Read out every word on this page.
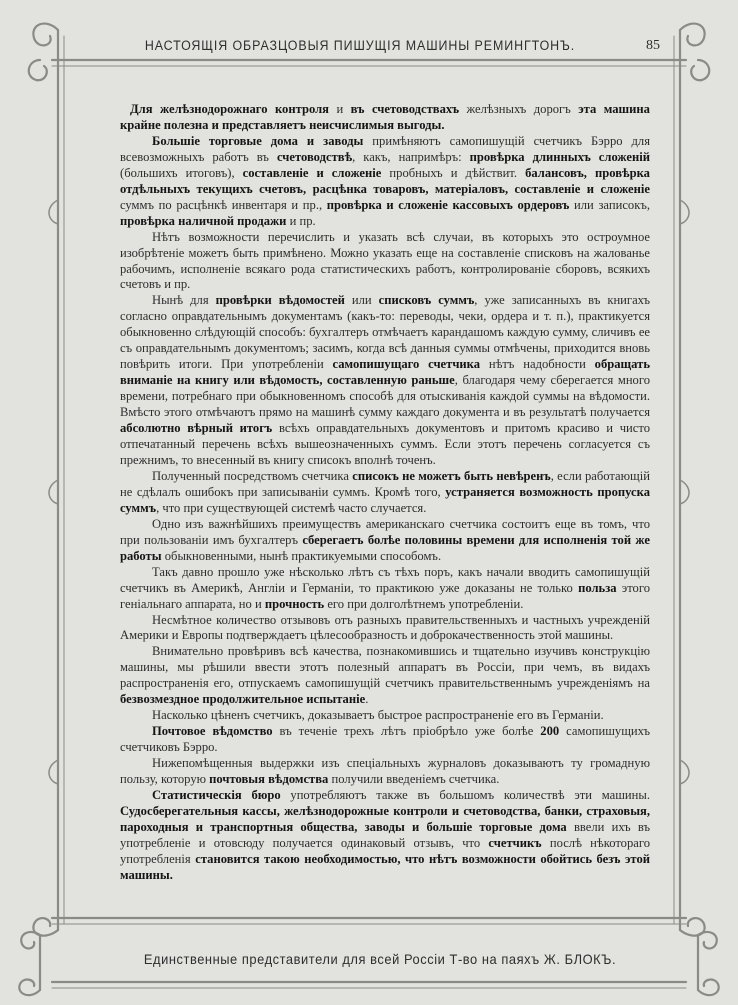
НАСТОЯЩІЯ ОБРАЗЦОВЫЯ ПИШУЩІЯ МАШИНЫ РЕМИНГТОНЪ.	85

Для желѣзнодорожнаго контроля и въ счетоводствахъ желѣзныхъ дорогъ эта машина крайне полезна и представляетъ неисчислимыя выгоды.

Большіе торговые дома и заводы примѣняютъ самопишущій счетчикъ Бэрро для всевозможныхъ работъ въ счетоводствѣ, какъ, напримѣръ: провѣрка длинныхъ сложеній (большихъ итоговъ), составленіе и сложеніе пробныхъ и дѣйствит. балансовъ, провѣрка отдѣльныхъ текущихъ счетовъ, расцѣнка товаровъ, матеріаловъ, составленіе и сложеніе суммъ по расцѣнкѣ инвентаря и пр., провѣрка и сложеніе кассовыхъ ордеровъ или записокъ, провѣрка наличной продажи и пр.

Нѣтъ возможности перечислить и указать всѣ случаи, въ которыхъ это остроумное изобрѣтеніе можетъ быть примѣнено. Можно указать еще на составленіе списковъ на жалованье рабочимъ, исполненіе всякаго рода статистическихъ работъ, контролированіе сборовъ, всякихъ счетовъ и пр.

Нынѣ для провѣрки вѣдомостей или списковъ суммъ, уже записанныхъ въ книгахъ согласно оправдательнымъ документамъ (какъ-то: переводы, чеки, ордера и т. п.), практикуется обыкновенно слѣдующій способъ: бухгалтеръ отмѣчаетъ карандашомъ каждую сумму, сличивъ ее съ оправдательнымъ документомъ; засимъ, когда всѣ данныя суммы отмѣчены, приходится вновь повѣрить итоги. При употребленіи самопишущаго счетчика нѣтъ надобности обращать вниманіе на книгу или вѣдомость, составленную раньше, благодаря чему сберегается много времени, потребнаго при обыкновенномъ способѣ для отыскиванія каждой суммы на вѣдомости. Вмѣсто этого отмѣчаютъ прямо на машинѣ сумму каждаго документа и въ результатѣ получается абсолютно вѣрный итогъ всѣхъ оправдательныхъ документовъ и притомъ красиво и чисто отпечатанный перечень всѣхъ вышеозначенныхъ суммъ. Если этотъ перечень согласуется съ прежнимъ, то внесенный въ книгу списокъ вполнѣ точенъ.

Полученный посредствомъ счетчика списокъ не можетъ быть невѣренъ, если работающій не сдѣлалъ ошибокъ при записываніи суммъ. Кромѣ того, устраняется возможность пропуска суммъ, что при существующей системѣ часто случается.

Одно изъ важнѣйшихъ преимуществъ американскаго счетчика состоитъ еще въ томъ, что при пользованіи имъ бухгалтеръ сберегаетъ болѣе половины времени для исполненія той же работы обыкновенными, нынѣ практикуемыми способомъ.

Такъ давно прошло уже нѣсколько лѣтъ съ тѣхъ поръ, какъ начали вводить самопишущій счетчикъ въ Америкѣ, Англіи и Германіи, то практикою уже доказаны не только польза этого геніальнаго аппарата, но и прочность его при долголѣтнемъ употребленіи.

Несмѣтное количество отзывовъ отъ разныхъ правительственныхъ и частныхъ учрежденій Америки и Европы подтверждаетъ цѣлесообразность и доброкачественность этой машины.

Внимательно провѣривъ всѣ качества, познакомившись и тщательно изучивъ конструкцію машины, мы рѣшили ввести этотъ полезный аппаратъ въ Россіи, при чемъ, въ видахъ распространенія его, отпускаемъ самопишущій счетчикъ правительственнымъ учрежденіямъ на безвозмездное продолжительное испытаніе.

Насколько цѣненъ счетчикъ, доказываетъ быстрое распространеніе его въ Германіи.

Почтовое вѣдомство въ теченіе трехъ лѣтъ пріобрѣло уже болѣе 200 самопишущихъ счетчиковъ Бэрро.

Нижепомѣщенныя выдержки изъ спеціальныхъ журналовъ доказываютъ ту громадную пользу, которую почтовыя вѣдомства получили введеніемъ счетчика.

Статистическія бюро употребляютъ также въ большомъ количествѣ эти машины. Судосберегательныя кассы, желѣзнодорожные контроли и счетоводства, банки, страховыя, пароходныя и транспортныя общества, заводы и большіе торговые дома ввели ихъ въ употребленіе и отовсюду получается одинаковый отзывъ, что счетчикъ послѣ нѣкотораго употребленія становится такою необходимостью, что нѣтъ возможности обойтись безъ этой машины.

Единственные представители для всей Россіи Т-во на паяхъ Ж. БЛОКЪ.
